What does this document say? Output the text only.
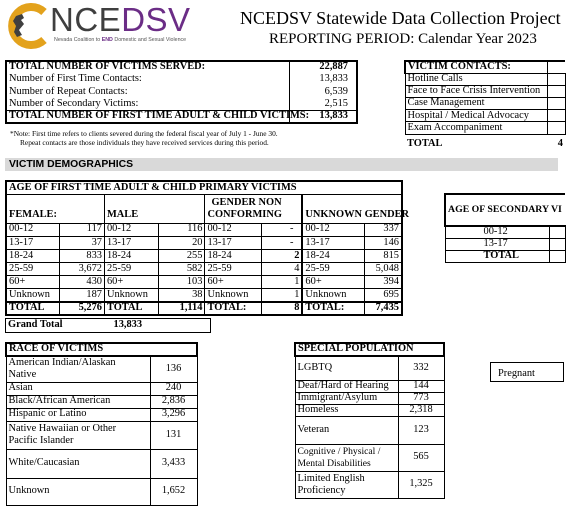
NCEDSV
Nevada Coalition to END Domestic and Sexual Violence
NCEDSV Statewide Data Collection Project
REPORTING PERIOD: Calendar Year 2023
TOTAL NUMBER OF VICTIMS SERVED:	22,887
Number of First Time Contacts:	13,833
Number of Repeat Contacts:	6,539
Number of Secondary Victims:	2,515
TOTAL NUMBER OF FIRST TIME ADULT & CHILD VICTIMS:	13,833
*Note: First time refers to clients severed during the federal fiscal year of July 1 - June 30.
Repeat contacts are those individuals they have received services during this period.
VICTIM CONTACTS:	
Hotline Calls	
Face to Face Crisis Intervention	
Case Management	
Hospital / Medical Advocacy	
Exam Accompaniment	
TOTAL	4
VICTIM DEMOGRAPHICS
AGE OF FIRST TIME ADULT & CHILD PRIMARY VICTIMS							
FEMALE:		MALE		GENDER NON
CONFORMING		UNKNOWN GENDER	
00-12	117	00-12	116	00-12	-	00-12	337
13-17	37	13-17	20	13-17	-	13-17	146
18-24	833	18-24	255	18-24	2	18-24	815
25-59	3,672	25-59	582	25-59	4	25-59	5,048
60+	430	60+	103	60+	1	60+	394
Unknown	187	Unknown	38	Unknown	1	Unknown	695
TOTAL	5,276	TOTAL	1,114	TOTAL:	8	TOTAL:	7,435
Grand Total	13,833
AGE OF SECONDARY VI	
00-12	
13-17	
TOTAL	
RACE OF VICTIMS	

American Indian/Alaskan
Native	136
Asian	240
Black/African American	2,836
Hispanic or Latino	3,296

Native Hawaiian or Other
Pacific Islander	131
White/Caucasian	3,433
Unknown	1,652
SPECIAL POPULATION	
LGBTQ	332
Deaf/Hard of Hearing	144
Immigrant/Asylum	773
Homeless	2,318
Veteran	123

Cognitive / Physical /
Mental Disabilities	565

Limited English
Proficiency	1,325
Pregnant
